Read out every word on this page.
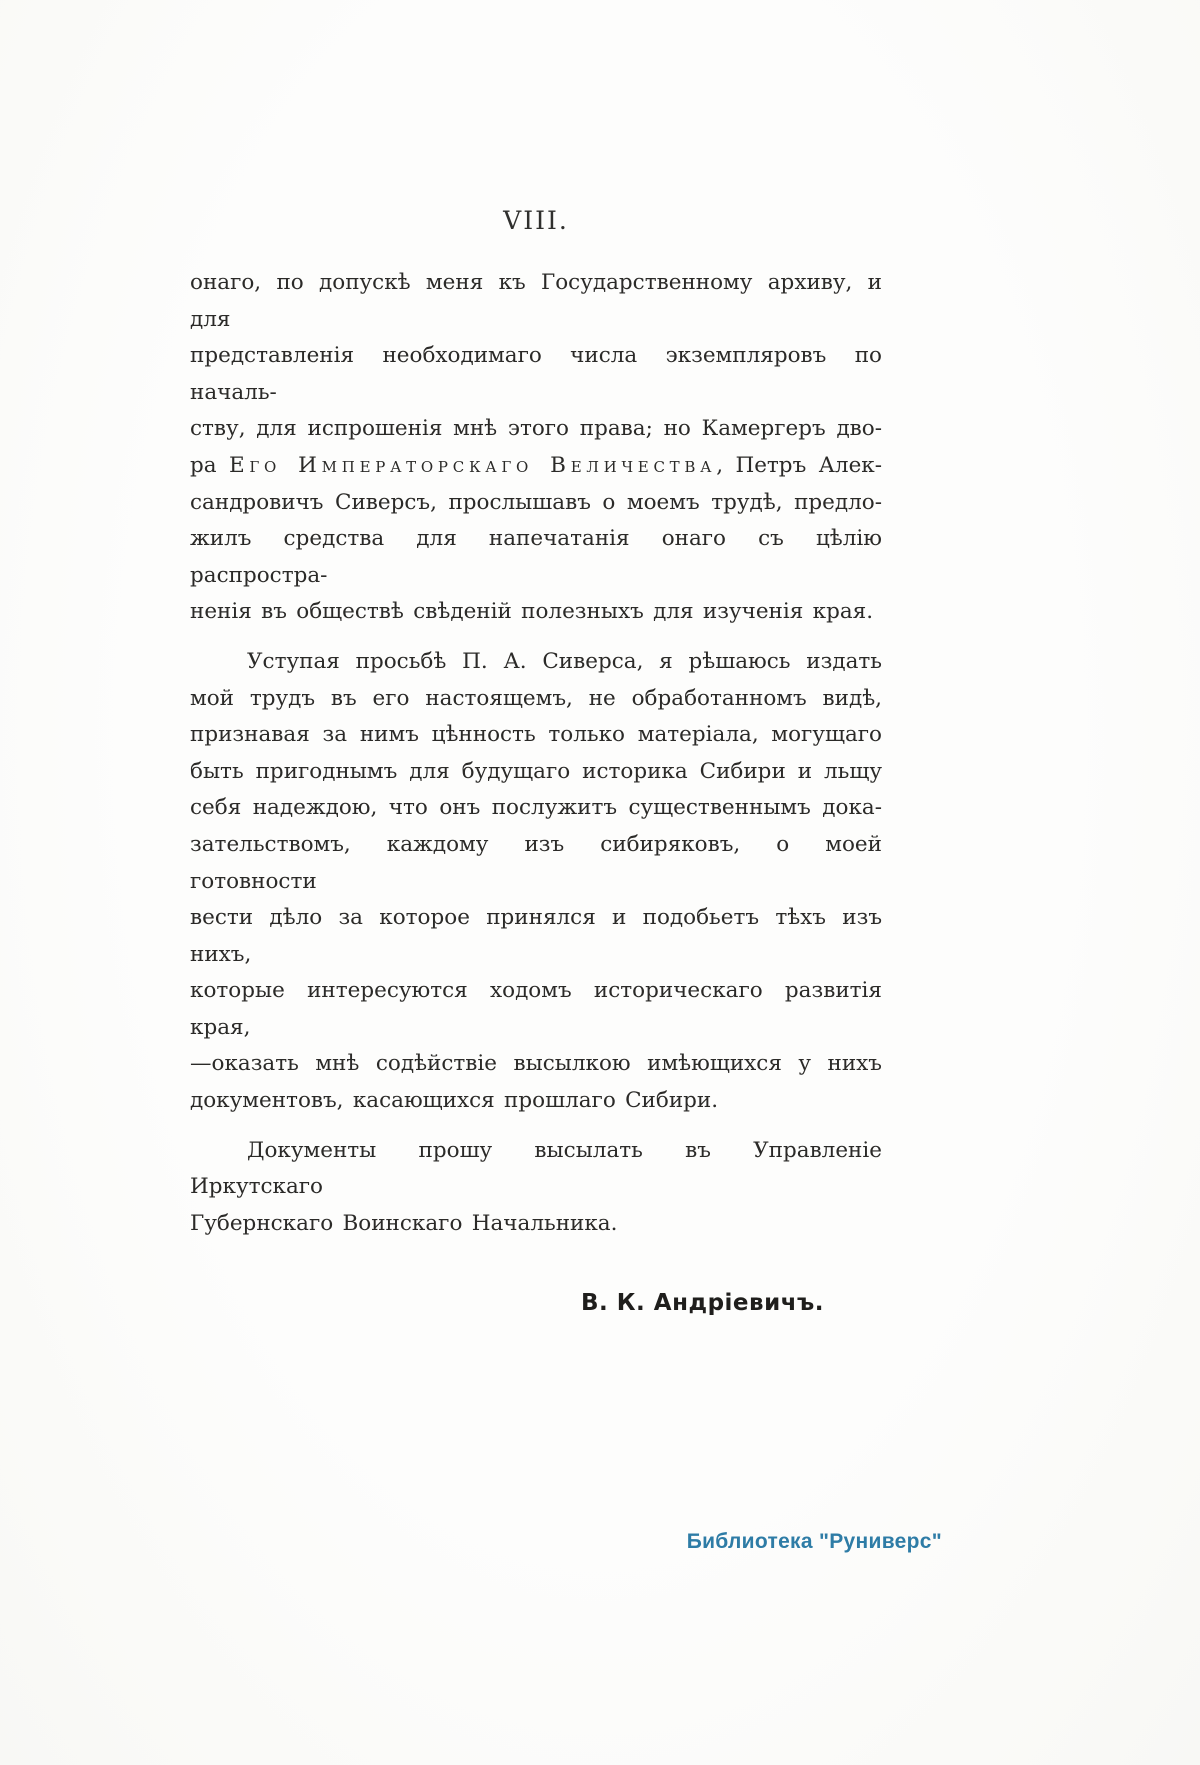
VIII.
онаго, по допускѣ меня къ Государственному архиву, и для
представленія необходимаго числа экземпляровъ по началь-
ству, для испрошенія мнѣ этого права; но Камергеръ дво-
ра Его Императорскаго Величества, Петръ Алек-
сандровичъ Сиверсъ, прослышавъ о моемъ трудѣ, предло-
жилъ средства для напечатанія онаго съ цѣлію распростра-
ненія въ обществѣ свѣденій полезныхъ для изученія края.
Уступая просьбѣ П. А. Сиверса, я рѣшаюсь издать
мой трудъ въ его настоящемъ, не обработанномъ видѣ,
признавая за нимъ цѣнность только матеріала, могущаго
быть пригоднымъ для будущаго историка Сибири и льщу
себя надеждою, что онъ послужитъ существеннымъ дока-
зательствомъ, каждому изъ сибиряковъ, о моей готовности
вести дѣло за которое принялся и подобьетъ тѣхъ изъ нихъ,
которые интересуются ходомъ историческаго развитія края,
—оказать мнѣ содѣйствіе высылкою имѣющихся у нихъ
документовъ, касающихся прошлаго Сибири.
Документы прошу высылать въ Управленіе Иркутскаго
Губернскаго Воинскаго Начальника.
В. К. Андріевичъ.
Библиотека "Руниверс"
